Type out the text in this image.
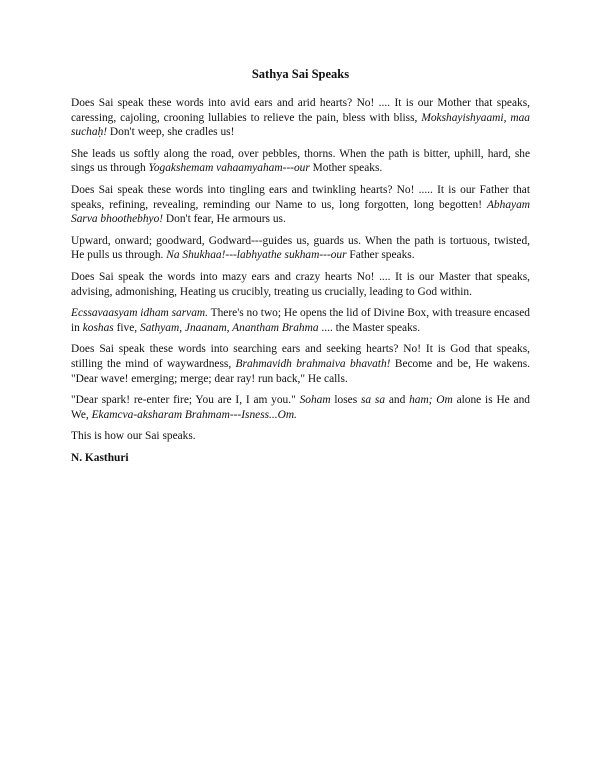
Sathya Sai Speaks

Does Sai speak these words into avid ears and arid hearts? No! .... It is our Mother that speaks, caressing, cajoling, crooning lullabies to relieve the pain, bless with bliss, Mokshayishyaami, maa suchaḥ! Don't weep, she cradles us!

She leads us softly along the road, over pebbles, thorns. When the path is bitter, uphill, hard, she sings us through Yogakshemam vahaamyaham---our Mother speaks.

Does Sai speak these words into tingling ears and twinkling hearts? No! ..... It is our Father that speaks, refining, revealing, reminding our Name to us, long forgotten, long begotten! Abhayam Sarva bhoothebhyo! Don't fear, He armours us.

Upward, onward; goodward, Godward---guides us, guards us. When the path is tortuous, twisted, He pulls us through. Na Shukhaa!---labhyathe sukham---our Father speaks.

Does Sai speak the words into mazy ears and crazy hearts No! .... It is our Master that speaks, advising, admonishing, Heating us crucibly, treating us crucially, leading to God within.

Ecssavaasyam idham sarvam. There's no two; He opens the lid of Divine Box, with treasure encased in koshas five, Sathyam, Jnaanam, Anantham Brahma .... the Master speaks.

Does Sai speak these words into searching ears and seeking hearts? No! It is God that speaks, stilling the mind of waywardness, Brahmavidh brahmaiva bhavath! Become and be, He wakens. "Dear wave! emerging; merge; dear ray! run back," He calls.

"Dear spark! re-enter fire; You are I, I am you." Soham loses sa sa and ham; Om alone is He and We, Ekamcva-aksharam Brahmam---Isness...Om.

This is how our Sai speaks.

N. Kasthuri
